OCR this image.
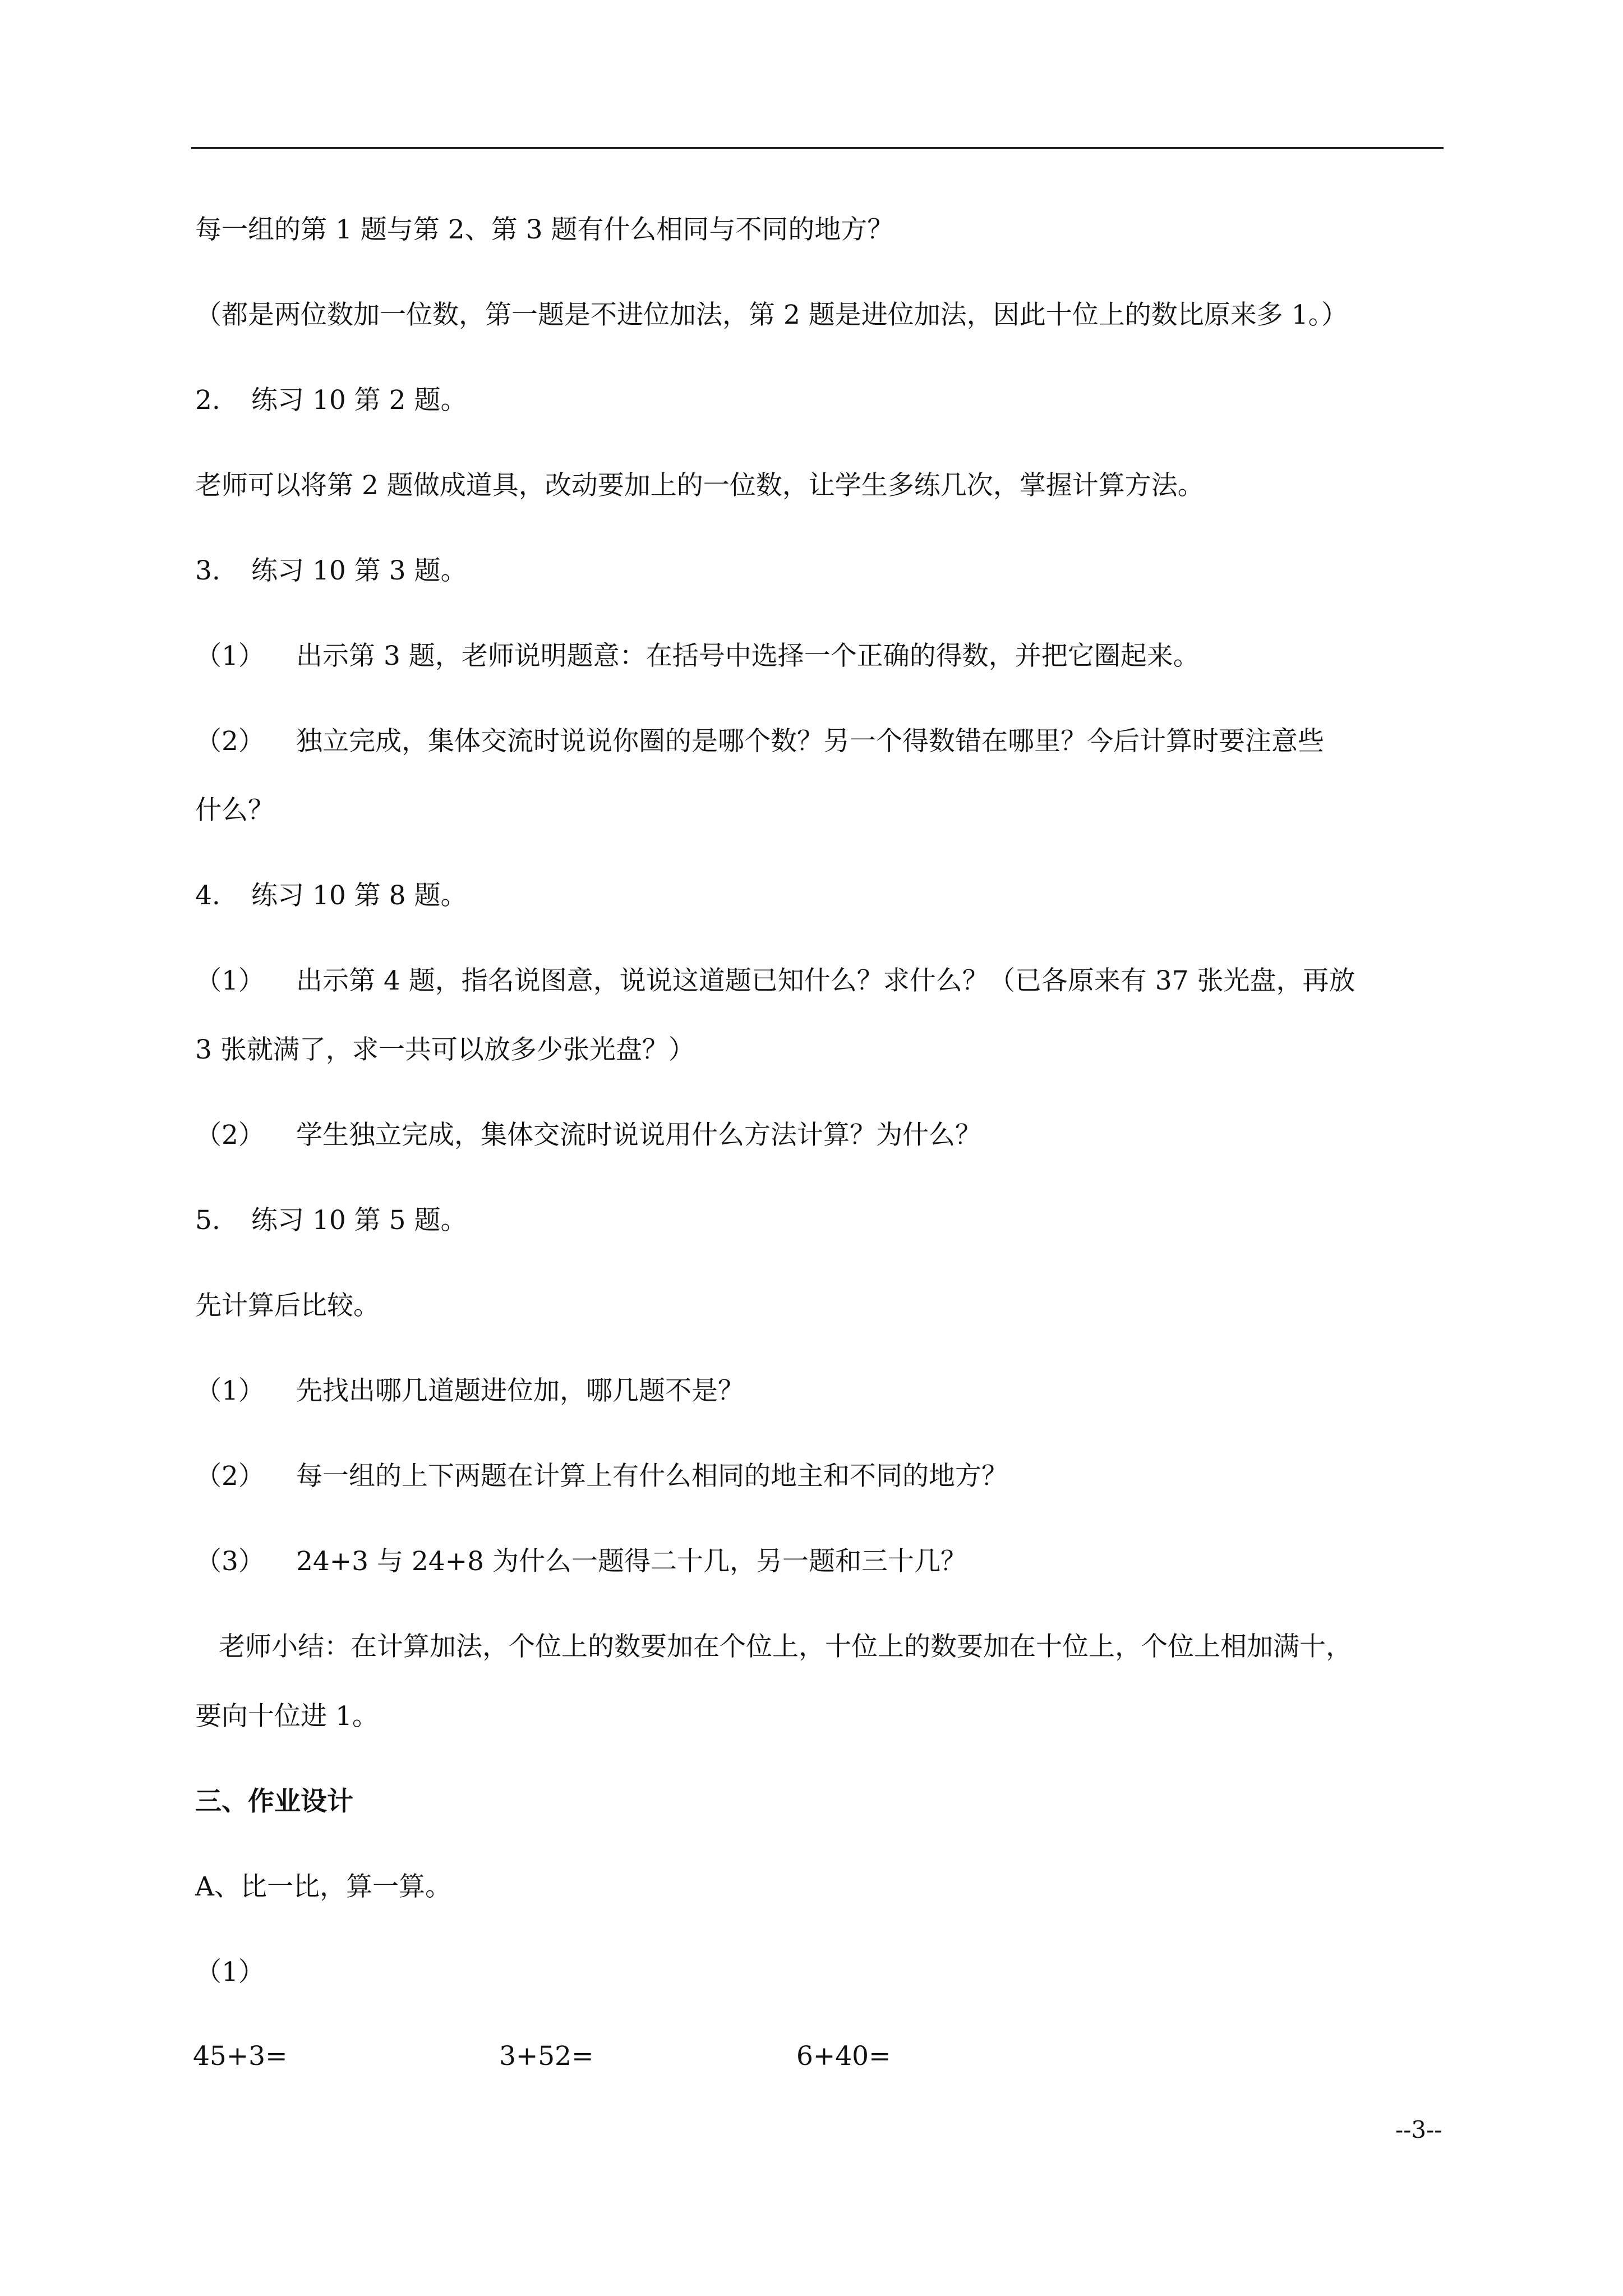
每一组的第 1 题与第 2、第 3 题有什么相同与不同的地方？

（都是两位数加一位数，第一题是不进位加法，第 2 题是进位加法，因此十位上的数比原来多 1。）

2. 练习 10 第 2 题。

老师可以将第 2 题做成道具，改动要加上的一位数，让学生多练几次，掌握计算方法。

3. 练习 10 第 3 题。

（1） 出示第 3 题，老师说明题意：在括号中选择一个正确的得数，并把它圈起来。

（2） 独立完成，集体交流时说说你圈的是哪个数？另一个得数错在哪里？今后计算时要注意些

什么？

4. 练习 10 第 8 题。

（1） 出示第 4 题，指名说图意，说说这道题已知什么？求什么？（已各原来有 37 张光盘，再放

3 张就满了，求一共可以放多少张光盘？）

（2） 学生独立完成，集体交流时说说用什么方法计算？为什么？

5. 练习 10 第 5 题。

先计算后比较。

（1） 先找出哪几道题进位加，哪几题不是？

（2） 每一组的上下两题在计算上有什么相同的地主和不同的地方？

（3） 24+3 与 24+8 为什么一题得二十几，另一题和三十几？

老师小结：在计算加法，个位上的数要加在个位上，十位上的数要加在十位上，个位上相加满十，

要向十位进 1。

三、作业设计

A、比一比，算一算。

（1）

45+3=	3+52=	6+40=
--3--
